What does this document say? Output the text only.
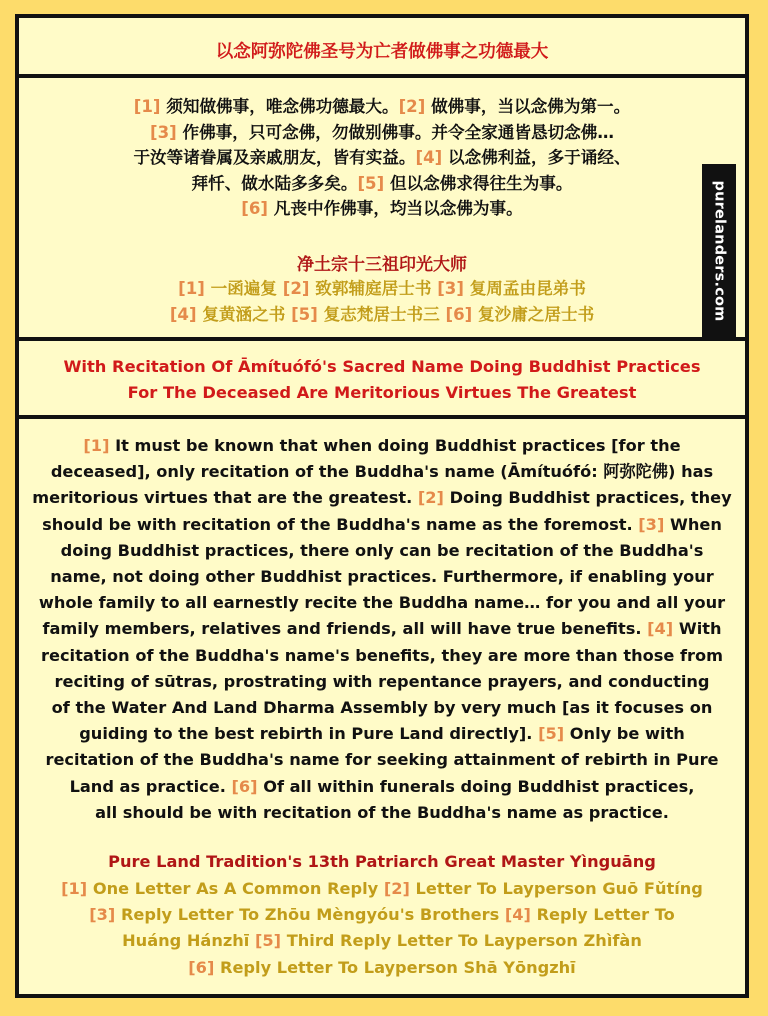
以念阿弥陀佛圣号为亡者做佛事之功德最大
[1] 须知做佛事，唯念佛功德最大。[2] 做佛事，当以念佛为第一。
[3] 作佛事，只可念佛，勿做别佛事。并令全家通皆恳切念佛…
于汝等诸眷属及亲戚朋友，皆有实益。[4] 以念佛利益，多于诵经、
拜忏、做水陆多多矣。[5] 但以念佛求得往生为事。
[6] 凡丧中作佛事，均当以念佛为事。
净土宗十三祖印光大师
[1] 一函遍复 [2] 致郭辅庭居士书 [3] 复周孟由昆弟书
[4] 复黄涵之书 [5] 复志梵居士书三 [6] 复沙庸之居士书
With Recitation Of Āmítuófó's Sacred Name Doing Buddhist Practices
For The Deceased Are Meritorious Virtues The Greatest
[1] It must be known that when doing Buddhist practices [for the
deceased], only recitation of the Buddha's name (Āmítuófó: 阿弥陀佛) has
meritorious virtues that are the greatest. [2] Doing Buddhist practices, they
should be with recitation of the Buddha's name as the foremost. [3] When
doing Buddhist practices, there only can be recitation of the Buddha's
name, not doing other Buddhist practices. Furthermore, if enabling your
whole family to all earnestly recite the Buddha name… for you and all your
family members, relatives and friends, all will have true benefits. [4] With
recitation of the Buddha's name's benefits, they are more than those from
reciting of sūtras, prostrating with repentance prayers, and conducting
of the Water And Land Dharma Assembly by very much [as it focuses on
guiding to the best rebirth in Pure Land directly]. [5] Only be with
recitation of the Buddha's name for seeking attainment of rebirth in Pure
Land as practice. [6] Of all within funerals doing Buddhist practices,
all should be with recitation of the Buddha's name as practice.
Pure Land Tradition's 13th Patriarch Great Master Yìnguāng
[1] One Letter As A Common Reply [2] Letter To Layperson Guō Fǔtíng
[3] Reply Letter To Zhōu Mèngyóu's Brothers [4] Reply Letter To
Huáng Hánzhī [5] Third Reply Letter To Layperson Zhìfàn
[6] Reply Letter To Layperson Shā Yōngzhī
purelanders.com
